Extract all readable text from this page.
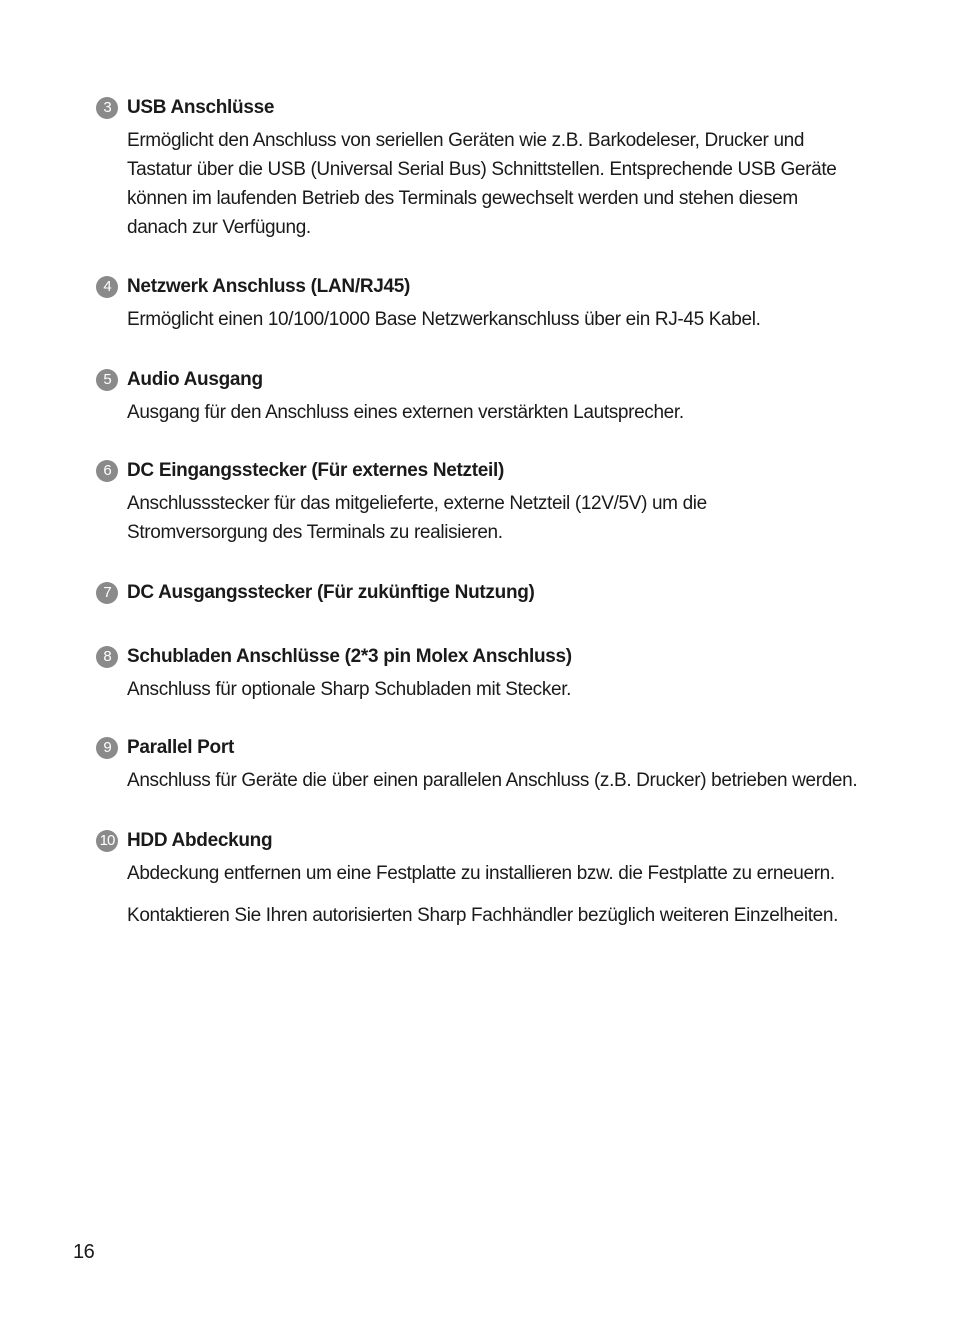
3 USB Anschlüsse

Ermöglicht den Anschluss von seriellen Geräten wie z.B. Barkodeleser, Drucker und
Tastatur über die USB (Universal Serial Bus) Schnittstellen. Entsprechende USB Geräte
können im laufenden Betrieb des Terminals gewechselt werden und stehen diesem
danach zur Verfügung.

4 Netzwerk Anschluss (LAN/RJ45)

Ermöglicht einen 10/100/1000 Base Netzwerkanschluss über ein RJ-45 Kabel.

5 Audio Ausgang

Ausgang für den Anschluss eines externen verstärkten Lautsprecher.

6 DC Eingangsstecker (Für externes Netzteil)

Anschlussstecker für das mitgelieferte, externe Netzteil (12V/5V) um die
Stromversorgung des Terminals zu realisieren.

7 DC Ausgangsstecker (Für zukünftige Nutzung)
8 Schubladen Anschlüsse (2*3 pin Molex Anschluss)

Anschluss für optionale Sharp Schubladen mit Stecker.

9 Parallel Port

Anschluss für Geräte die über einen parallelen Anschluss (z.B. Drucker) betrieben werden.

10 HDD Abdeckung

Abdeckung entfernen um eine Festplatte zu installieren bzw. die Festplatte zu erneuern.

Kontaktieren Sie Ihren autorisierten Sharp Fachhändler bezüglich weiteren Einzelheiten.

16
